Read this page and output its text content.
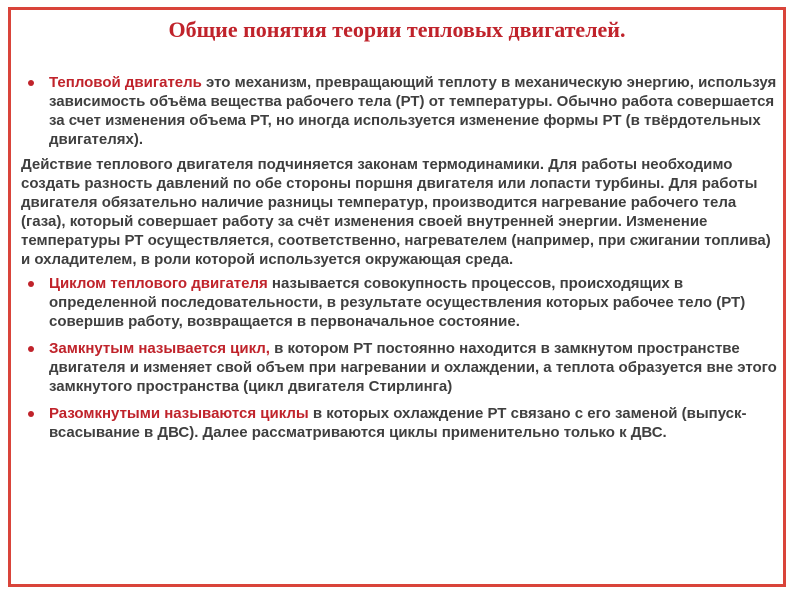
Общие понятия теории тепловых двигателей.
Тепловой двигатель это механизм, превращающий теплоту в механическую энергию, используя зависимость объёма вещества рабочего тела (РТ) от температуры. Обычно работа совершается за счет изменения объема РТ, но иногда используется изменение формы РТ (в твёрдотельных двигателях).
Действие теплового двигателя подчиняется законам термодинамики. Для работы необходимо создать разность давлений по обе стороны поршня двигателя или лопасти турбины. Для работы двигателя обязательно наличие разницы температур, производится нагревание рабочего тела (газа), который совершает работу за счёт изменения своей внутренней энергии. Изменение температуры РТ осуществляется, соответственно, нагревателем (например, при сжигании топлива) и охладителем, в роли которой используется окружающая среда.
Циклом теплового двигателя называется совокупность процессов, происходящих в определенной последовательности, в результате осуществления которых рабочее тело (РТ) совершив работу, возвращается в первоначальное состояние.
Замкнутым называется цикл, в котором РТ постоянно находится в замкнутом пространстве двигателя и изменяет свой объем при нагревании и охлаждении, а теплота образуется вне этого замкнутого пространства (цикл двигателя Стирлинга)
Разомкнутыми называются циклы в которых охлаждение РТ связано с его заменой (выпуск-всасывание в ДВС). Далее рассматриваются циклы применительно только к ДВС.
